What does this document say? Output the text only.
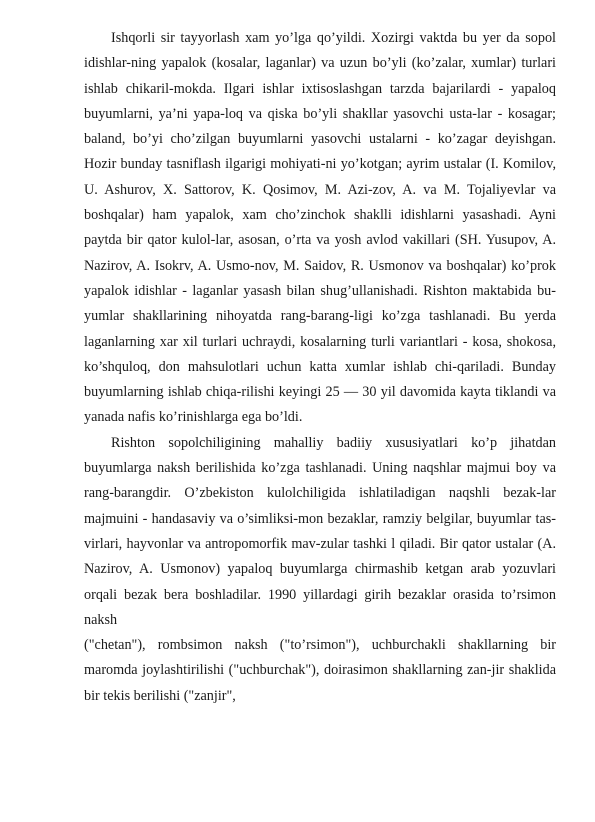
Ishqorli sir tayyorlash xam yo’lga qo’yildi. Xozirgi vaktda bu yer da sopol idishlar-ning yapalok (kosalar, laganlar) va uzun bo’yli (ko’zalar, xumlar) turlari ishlab chikaril-mokda. Ilgari ishlar ixtisoslashgan tarzda bajarilardi - yapaloq buyumlarni, ya’ni yapa-loq va qiska bo’yli shakllar yasovchi usta-lar - kosagar; baland, bo’yi cho’zilgan buyumlarni yasovchi ustalarni - ko’zagar deyishgan. Hozir bunday tasniflash ilgarigi mohiyati-ni yo’kotgan; ayrim ustalar (I. Komilov, U. Ashurov, X. Sattorov, K. Qosimov, M. Azi-zov, A. va M. Tojaliyevlar va boshqalar) ham yapalok, xam cho’zinchok shaklli idishlarni yasashadi. Ayni paytda bir qator kulol-lar, asosan, o’rta va yosh avlod vakillari (SH. Yusupov, A. Nazirov, A. Isokrv, A. Usmo-nov, M. Saidov, R. Usmonov va boshqalar) ko’prok yapalok idishlar - laganlar yasash bilan shug’ullanishadi. Rishton maktabida bu-yumlar shakllarining nihoyatda rang-barang-ligi ko’zga tashlanadi. Bu yerda laganlarning xar xil turlari uchraydi, kosalarning turli variantlari - kosa, shokosa, ko’shquloq, don mahsulotlari uchun katta xumlar ishlab chi-qariladi. Bunday buyumlarning ishlab chiqa-rilishi keyingi 25 — 30 yil davomida kayta tiklandi va yanada nafis ko’rinishlarga ega bo’ldi.

Rishton sopolchiligining mahalliy badiiy xususiyatlari ko’p jihatdan buyumlarga naksh berilishida ko’zga tashlanadi. Uning naqshlar majmui boy va rang-barangdir. O’zbekiston kulolchiligida ishlatiladigan naqshli bezak-lar majmuini - handasaviy va o’simliksi-mon bezaklar, ramziy belgilar, buyumlar tas-virlari, hayvonlar va antropomorfik mav-zular tashki l qiladi. Bir qator ustalar (A. Nazirov, A. Usmonov) yapaloq buyumlarga chirmashib ketgan arab yozuvlari orqali bezak bera boshladilar. 1990 yillardagi girih bezaklar orasida to’rsimon naksh

("chetan"), rombsimon naksh ("to’rsimon"), uchburchakli shakllarning bir maromda joylashtirilishi ("uchburchak"), doirasimon shakllarning zan-jir shaklida bir tekis berilishi ("zanjir",
